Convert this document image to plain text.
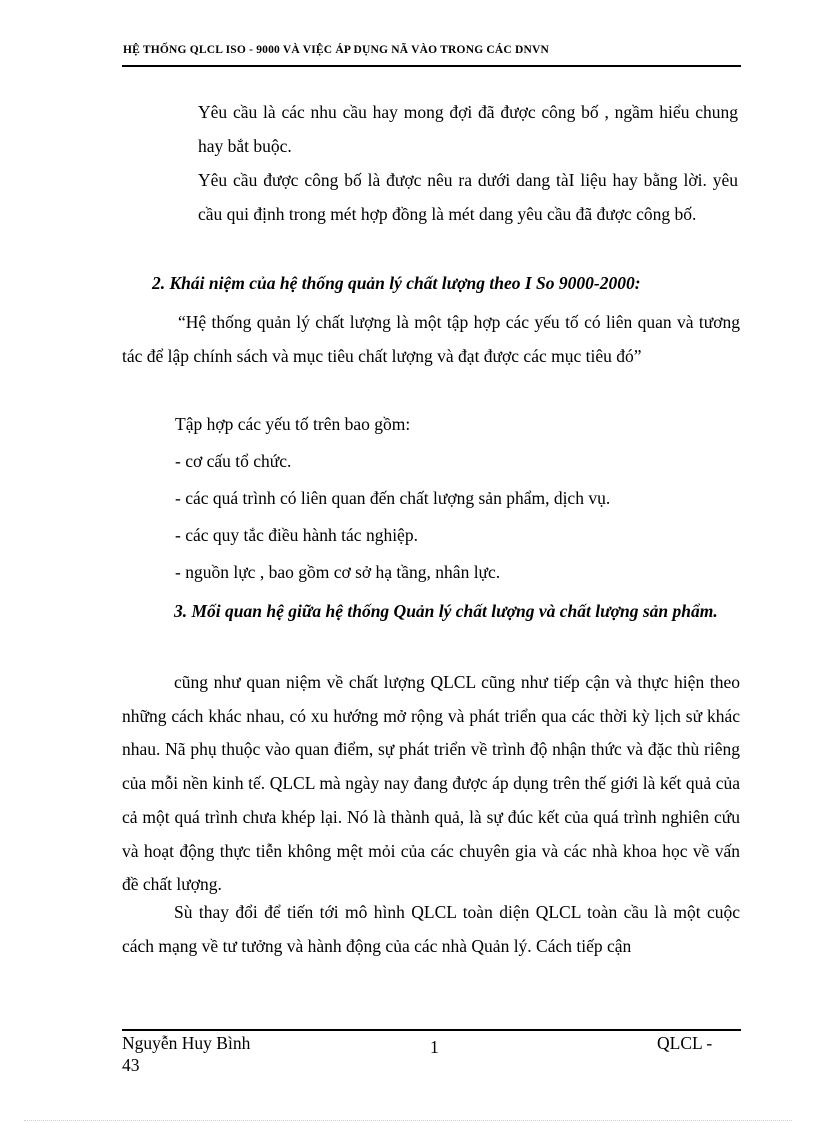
HỆ THỐNG QLCL ISO - 9000 VÀ VIỆC ÁP DỤNG NÃ VÀO TRONG CÁC DNVN

Yêu cầu là các nhu cầu hay mong đợi đã được công bố , ngầm hiểu chung hay bắt buộc.

Yêu cầu được công bố là được nêu ra dưới dang tàI liệu hay bằng lời. yêu cầu qui định trong mét hợp đồng là mét dang yêu cầu đã được công bố.

2. Khái niệm của hệ thống quản lý chất lượng theo I So 9000-2000:

“Hệ thống quản lý chất lượng là một tập hợp các yếu tố có liên quan và tương tác để lập chính sách và mục tiêu chất lượng và đạt được các mục tiêu đó”

Tập hợp các yếu tố trên bao gồm:

- cơ cấu tổ chức.

- các quá trình có liên quan đến chất lượng sản phẩm, dịch vụ.

- các quy tắc điều hành tác nghiệp.

- nguồn lực , bao gồm cơ sở hạ tầng, nhân lực.

3. Mối quan hệ giữa hệ thống Quản lý chất lượng và chất lượng sản phẩm.

cũng như quan niệm về chất lượng QLCL cũng như tiếp cận và thực hiện theo những cách khác nhau, có xu hướng mở rộng và phát triển qua các thời kỳ lịch sử khác nhau. Nã phụ thuộc vào quan điểm, sự phát triển về trình độ nhận thức và đặc thù riêng của mỗi nền kinh tế. QLCL mà ngày nay đang được áp dụng trên thế giới là kết quả của cả một quá trình chưa khép lại. Nó là thành quả, là sự đúc kết của quá trình nghiên cứu và hoạt động thực tiễn không mệt mỏi của các chuyên gia và các nhà khoa học về vấn đề chất lượng.

Sù thay đổi để tiến tới mô hình QLCL toàn diện QLCL toàn cầu là một cuộc cách mạng về tư tưởng và hành động của các nhà Quản lý. Cách tiếp cận

Nguyễn Huy Bình	1	QLCL -
43
